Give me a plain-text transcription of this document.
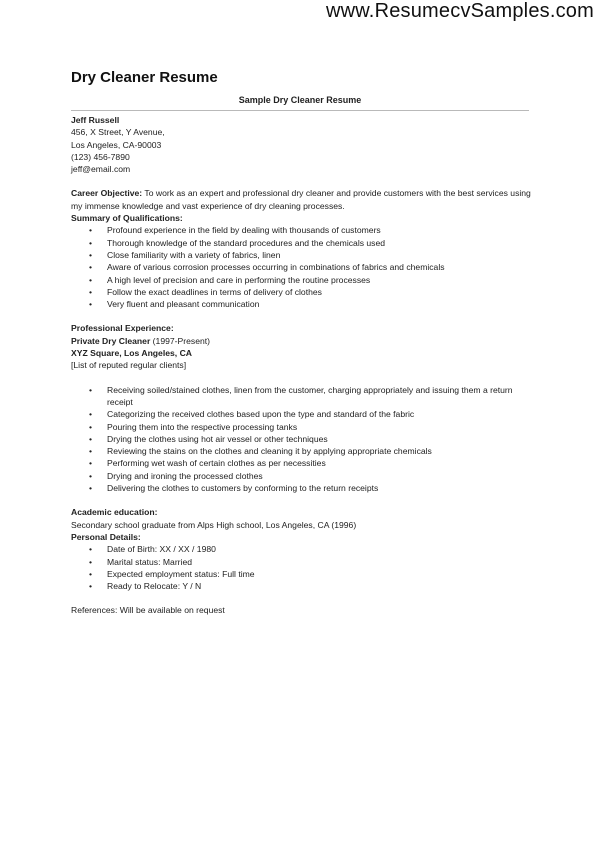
www.ResumecvSamples.com
Dry Cleaner Resume
Sample Dry Cleaner Resume

Jeff Russell

456, X Street, Y Avenue,

Los Angeles, CA-90003

(123) 456-7890

jeff@email.com

Career Objective: To work as an expert and professional dry cleaner and provide customers with the best services using my immense knowledge and vast experience of dry cleaning processes.

Summary of Qualifications:

• Profound experience in the field by dealing with thousands of customers
• Thorough knowledge of the standard procedures and the chemicals used
• Close familiarity with a variety of fabrics, linen
• Aware of various corrosion processes occurring in combinations of fabrics and chemicals
• A high level of precision and care in performing the routine processes
• Follow the exact deadlines in terms of delivery of clothes
• Very fluent and pleasant communication

Professional Experience:

Private Dry Cleaner (1997-Present)

XYZ Square, Los Angeles, CA

[List of reputed regular clients]

• Receiving soiled/stained clothes, linen from the customer, charging appropriately and issuing them a return receipt
• Categorizing the received clothes based upon the type and standard of the fabric
• Pouring them into the respective processing tanks
• Drying the clothes using hot air vessel or other techniques
• Reviewing the stains on the clothes and cleaning it by applying appropriate chemicals
• Performing wet wash of certain clothes as per necessities
• Drying and ironing the processed clothes
• Delivering the clothes to customers by conforming to the return receipts

Academic education:

Secondary school graduate from Alps High school, Los Angeles, CA (1996)

Personal Details:

• Date of Birth: XX / XX / 1980
• Marital status: Married
• Expected employment status: Full time
• Ready to Relocate: Y / N

References: Will be available on request
